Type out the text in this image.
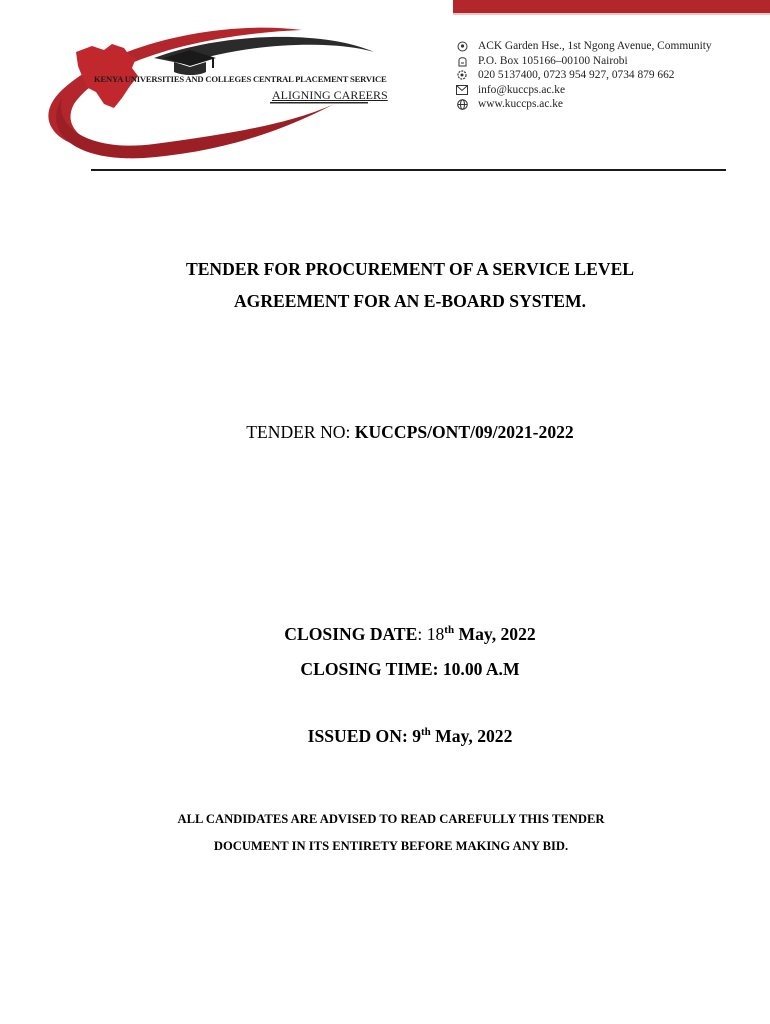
KENYA UNIVERSITIES AND COLLEGES CENTRAL PLACEMENT SERVICE
ALIGNING CAREERS
ACK Garden Hse., 1st Ngong Avenue, Community
P.O. Box 105166–00100 Nairobi
020 5137400, 0723 954 927, 0734 879 662
info@kuccps.ac.ke
www.kuccps.ac.ke
TENDER FOR PROCUREMENT OF A SERVICE LEVEL
AGREEMENT FOR AN E-BOARD SYSTEM.
TENDER NO: KUCCPS/ONT/09/2021-2022
CLOSING DATE: 18th May, 2022
CLOSING TIME: 10.00 A.M
ISSUED ON: 9th May, 2022
ALL CANDIDATES ARE ADVISED TO READ CAREFULLY THIS TENDER
DOCUMENT IN ITS ENTIRETY BEFORE MAKING ANY BID.
